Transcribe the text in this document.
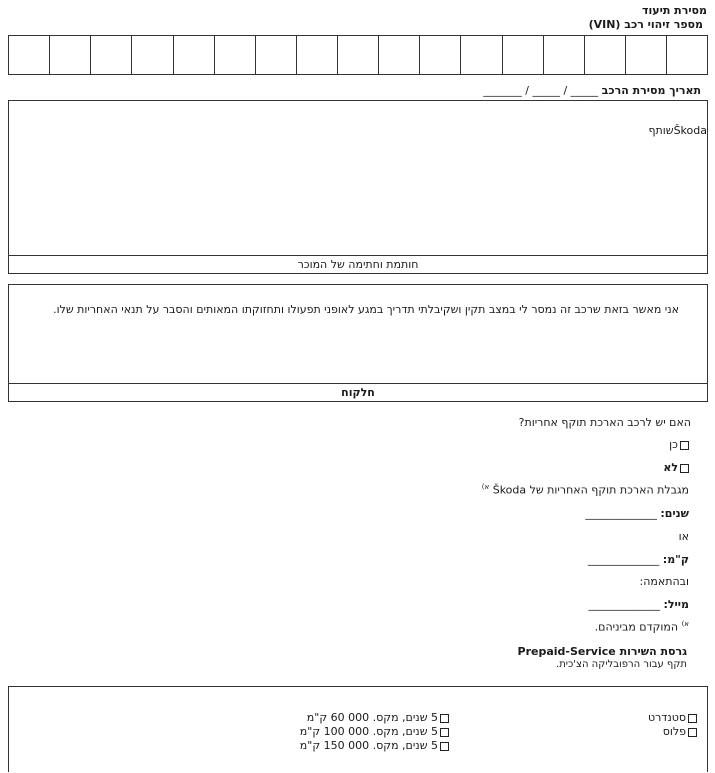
מסירת תיעוד
מספר זיהוי רכב (VIN)
תאריך מסירת הרכב _______ / _____ / _____
Škodaשותף
חותמת וחתימה של המוכר
אני מאשר בזאת שרכב זה נמסר לי במצב תקין ושקיבלתי תדריך במגע לאופני תפעולו ותחזוקתו המאותים והסבר על תנאי האחריות שלו.
חלקוח
האם יש לרכב הארכת תוקף אחריות?
כן
לא
מגבלת הארכת תוקף האחריות של Škoda $^{א)}$
שנים: _____________
או
ק"מ: _____________
ובהתאמה:
מייל: _____________
$^{א)}$ המוקדם מביניהם.
גרסת השירות Prepaid-Service
תקף עבור הרפובליקה הצ'כית.
סטנדרט
פלוס
5 שנים, מקס. 000 60 ק"מ
5 שנים, מקס. 000 100 ק"מ
5 שנים, מקס. 000 150 ק"מ
